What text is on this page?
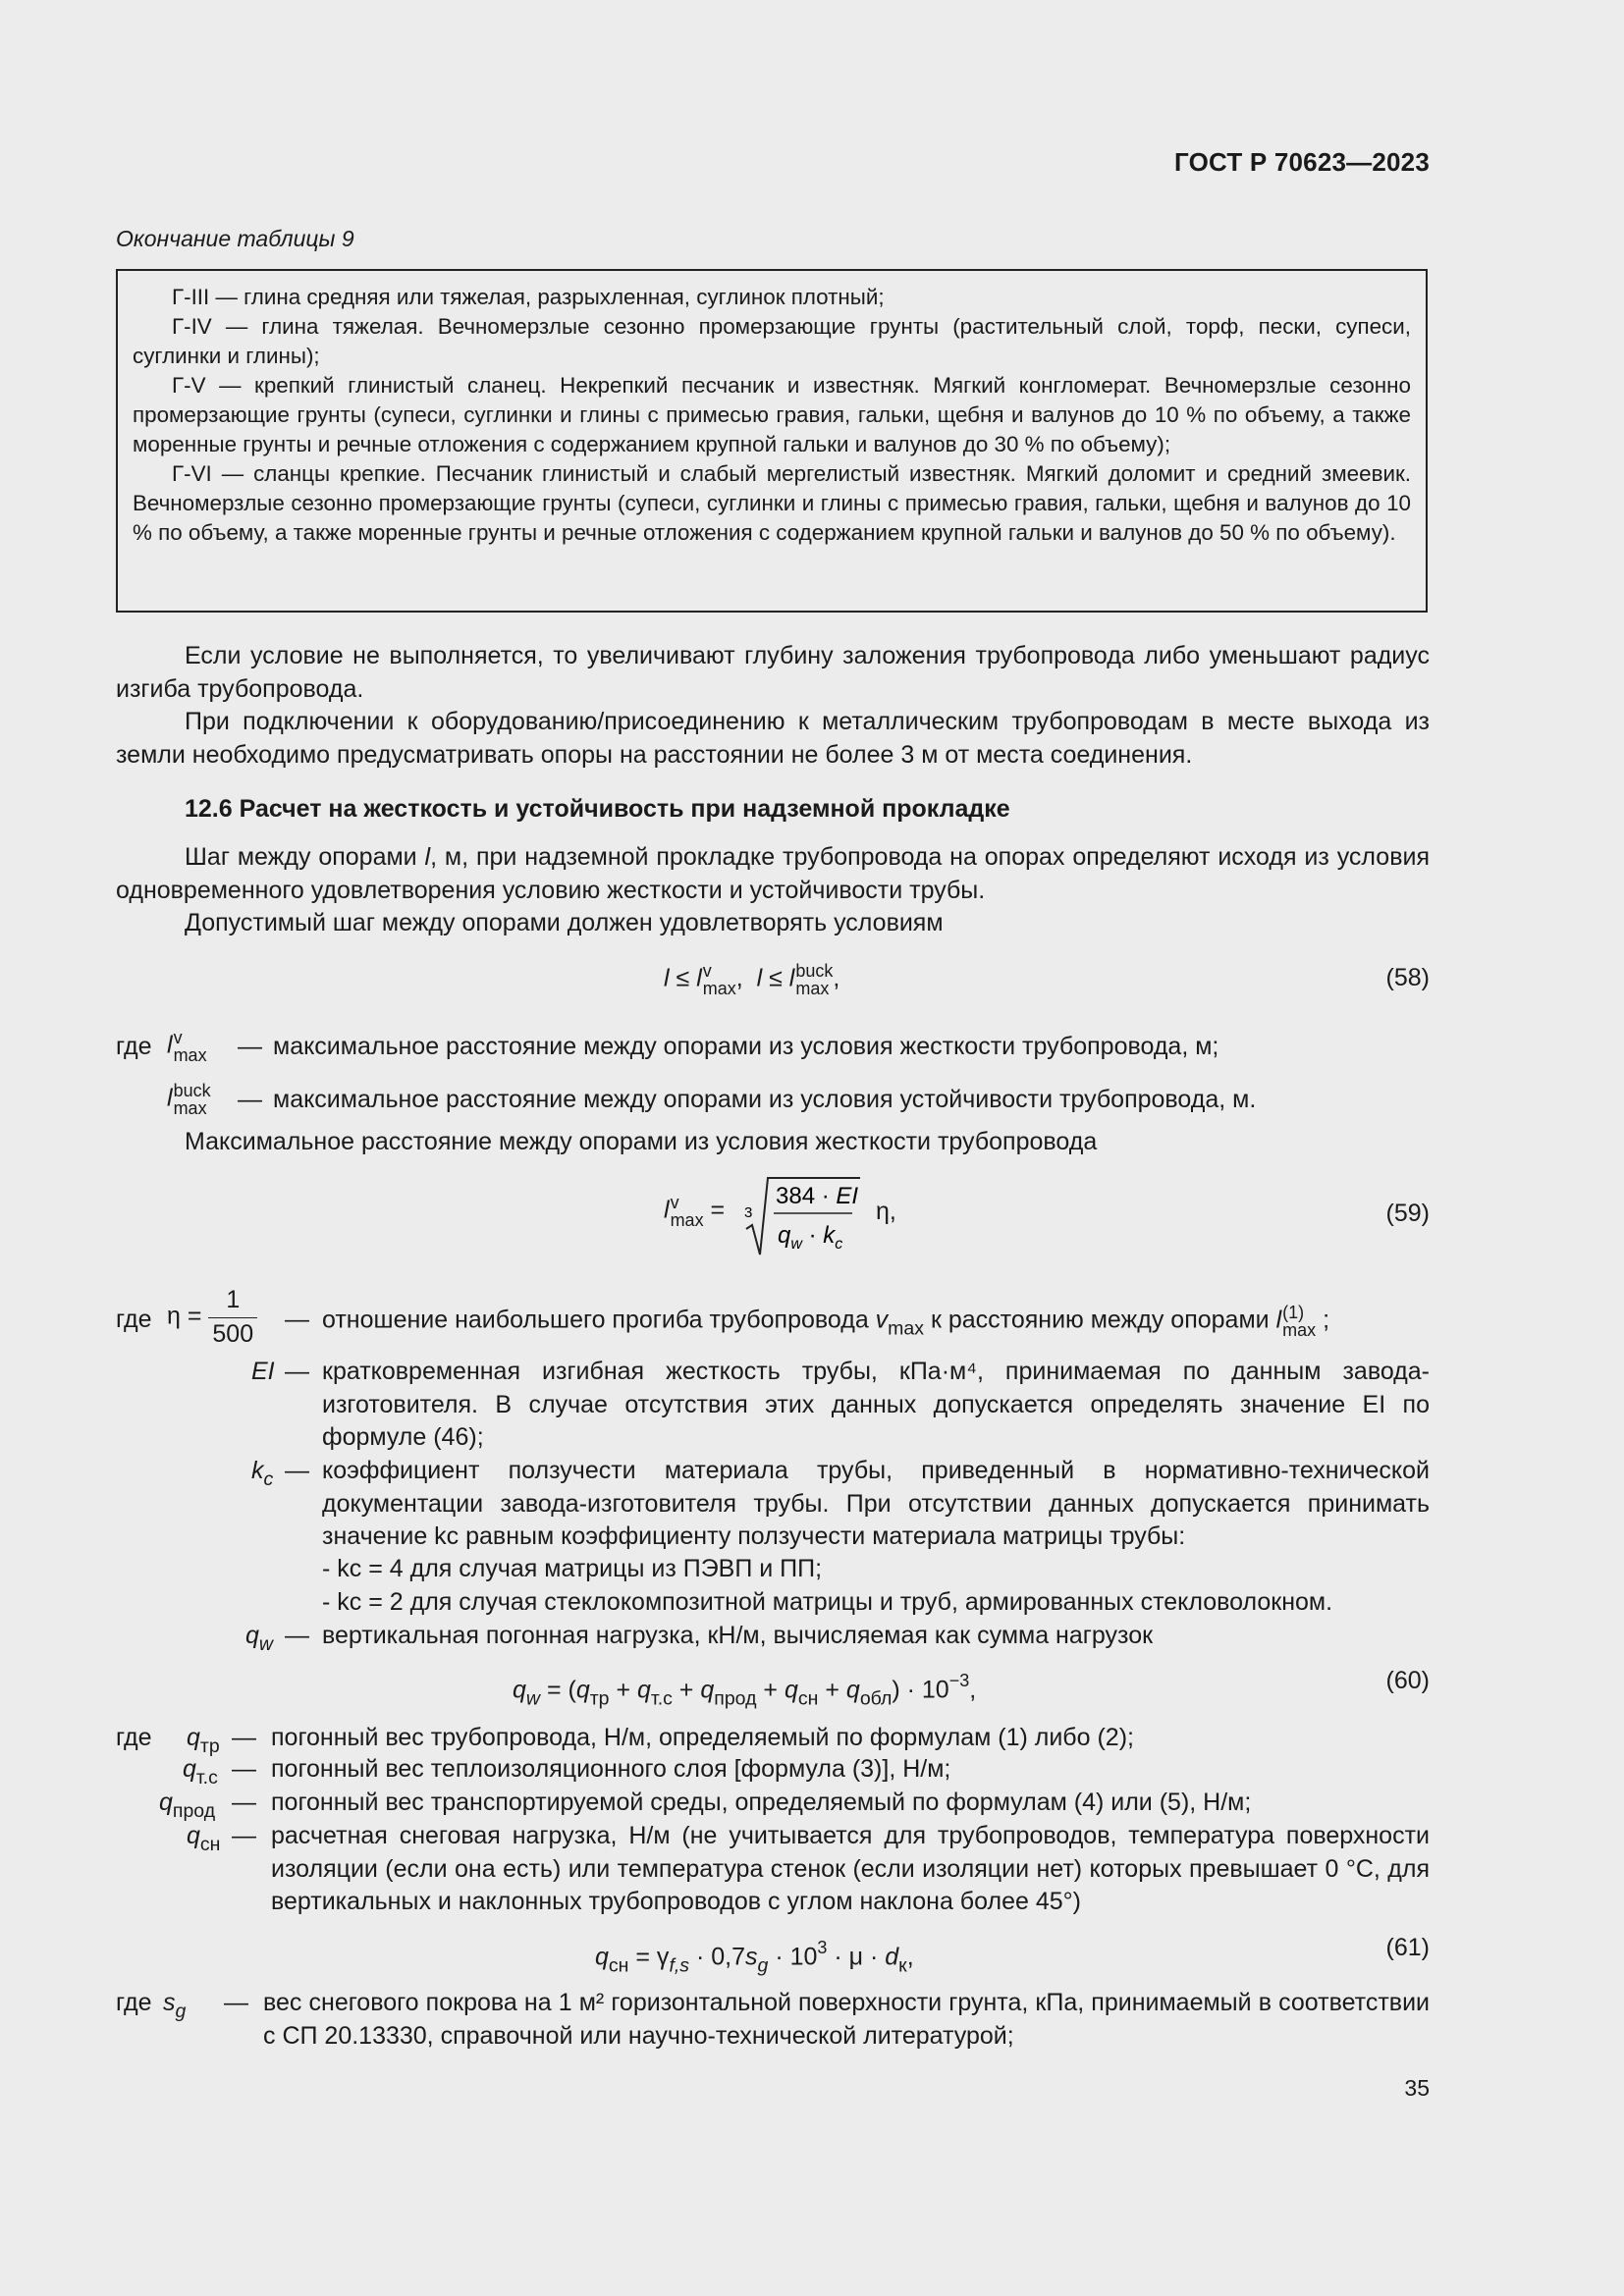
ГОСТ Р 70623—2023
Окончание таблицы 9

Г-III — глина средняя или тяжелая, разрыхленная, суглинок плотный;

Г-IV — глина тяжелая. Вечномерзлые сезонно промерзающие грунты (растительный слой, торф, пески, супеси, суглинки и глины);

Г-V — крепкий глинистый сланец. Некрепкий песчаник и известняк. Мягкий конгломерат. Вечномерзлые сезонно промерзающие грунты (супеси, суглинки и глины с примесью гравия, гальки, щебня и валунов до 10 % по объему, а также моренные грунты и речные отложения с содержанием крупной гальки и валунов до 30 % по объему);

Г-VI — сланцы крепкие. Песчаник глинистый и слабый мергелистый известняк. Мягкий доломит и средний змеевик. Вечномерзлые сезонно промерзающие грунты (супеси, суглинки и глины с примесью гравия, гальки, щебня и валунов до 10 % по объему, а также моренные грунты и речные отложения с содержанием крупной гальки и валунов до 50 % по объему).

Если условие не выполняется, то увеличивают глубину заложения трубопровода либо уменьшают радиус изгиба трубопровода.

При подключении к оборудованию/присоединению к металлическим трубопроводам в месте выхода из земли необходимо предусматривать опоры на расстоянии не более 3 м от места соединения.

12.6 Расчет на жесткость и устойчивость при надземной прокладке

Шаг между опорами l, м, при надземной прокладке трубопровода на опорах определяют исходя из условия одновременного удовлетворения условию жесткости и устойчивости трубы.

Допустимый шаг между опорами должен удовлетворять условиям

l ≤ l v
max ,  l ≤ l buck
max ,	(58)
где l v
max — максимальное расстояние между опорами из условия жесткости трубопровода, м;
l buck
max — максимальное расстояние между опорами из условия устойчивости трубопровода, м.

Максимальное расстояние между опорами из условия жесткости трубопровода

l v
max = 3
384 · EI
$q_w \cdot k_c$
η,	(59)
где $\eta = \frac{1}{500}$ — отношение наибольшего прогиба трубопровода $v_{max}$ к расстоянию между опорами l (1)
max ;
EI — кратковременная изгибная жесткость трубы, кПа·м⁴, принимаемая по данным завода-изготовителя. В случае отсутствия этих данных допускается определять значение EI по формуле (46);
$k_c$ — коэффициент ползучести материала трубы, приведенный в нормативно-технической документации завода-изготовителя трубы. При отсутствии данных допускается принимать значение kc равным коэффициенту ползучести материала матрицы трубы:
- kc = 4 для случая матрицы из ПЭВП и ПП;
- kc = 2 для случая стеклокомпозитной матрицы и труб, армированных стекловолокном.
$q_w$ — вертикальная погонная нагрузка, кН/м, вычисляемая как сумма нагрузок
$q_w = (q_{тр} + q_{т.с} + q_{прод} + q_{сн} + q_{обл}) \cdot 10^{-3}$,	(60)
где $q_{тр}$ — погонный вес трубопровода, Н/м, определяемый по формулам (1) либо (2);
$q_{т.с}$ — погонный вес теплоизоляционного слоя [формула (3)], Н/м;
$q_{прод}$ — погонный вес транспортируемой среды, определяемый по формулам (4) или (5), Н/м;
$q_{сн}$ — расчетная снеговая нагрузка, Н/м (не учитывается для трубопроводов, температура поверхности изоляции (если она есть) или температура стенок (если изоляции нет) которых превышает 0 °C, для вертикальных и наклонных трубопроводов с углом наклона более 45°)
$q_{сн} = \gamma_{f,s} \cdot 0,7s_g \cdot 10^3 \cdot \mu \cdot d_к$,	(61)
где $s_g$ — вес снегового покрова на 1 м² горизонтальной поверхности грунта, кПа, принимаемый в соответствии с СП 20.13330, справочной или научно-технической литературой;
35
